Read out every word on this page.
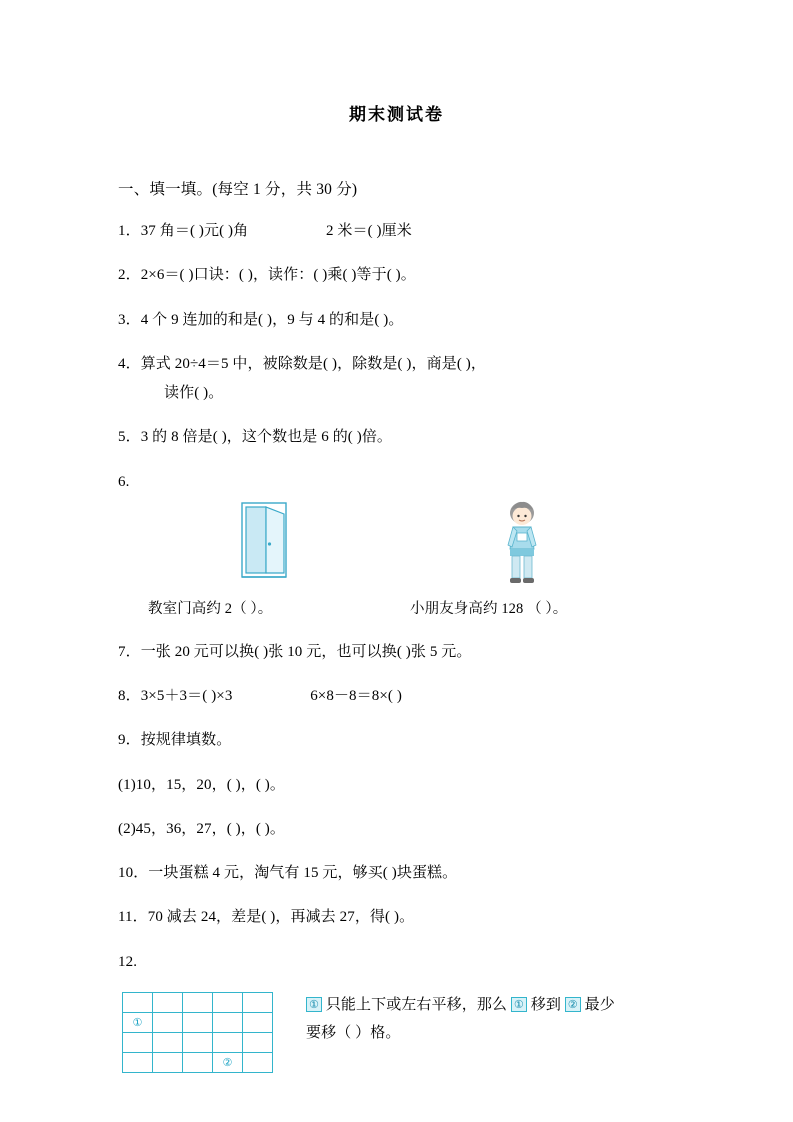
期末测试卷
一、填一填。(每空 1 分，共 30 分)
1．37 角＝( )元( )角	2 米＝( )厘米
2．2×6＝( )口诀：( )，读作：( )乘( )等于( )。
3．4 个 9 连加的和是( )，9 与 4 的和是( )。
4．算式 20÷4＝5 中，被除数是( )，除数是( )，商是( )，
读作( )。
5．3 的 8 倍是( )，这个数也是 6 的( )倍。
6.
教室门高约 2（ ）。	小朋友身高约 128 （ ）。
7．一张 20 元可以换( )张 10 元，也可以换( )张 5 元。
8．3×5＋3＝( )×3	6×8－8＝8×( )
9．按规律填数。
(1)10，15，20，( )，( )。
(2)45，36，27，( )，( )。
10．一块蛋糕 4 元，淘气有 15 元，够买( )块蛋糕。
11．70 减去 24，差是( )，再减去 27，得( )。
12.

①				

			②	
① 只能上下或左右平移，那么 ① 移到 ② 最少
要移（ ）格。
